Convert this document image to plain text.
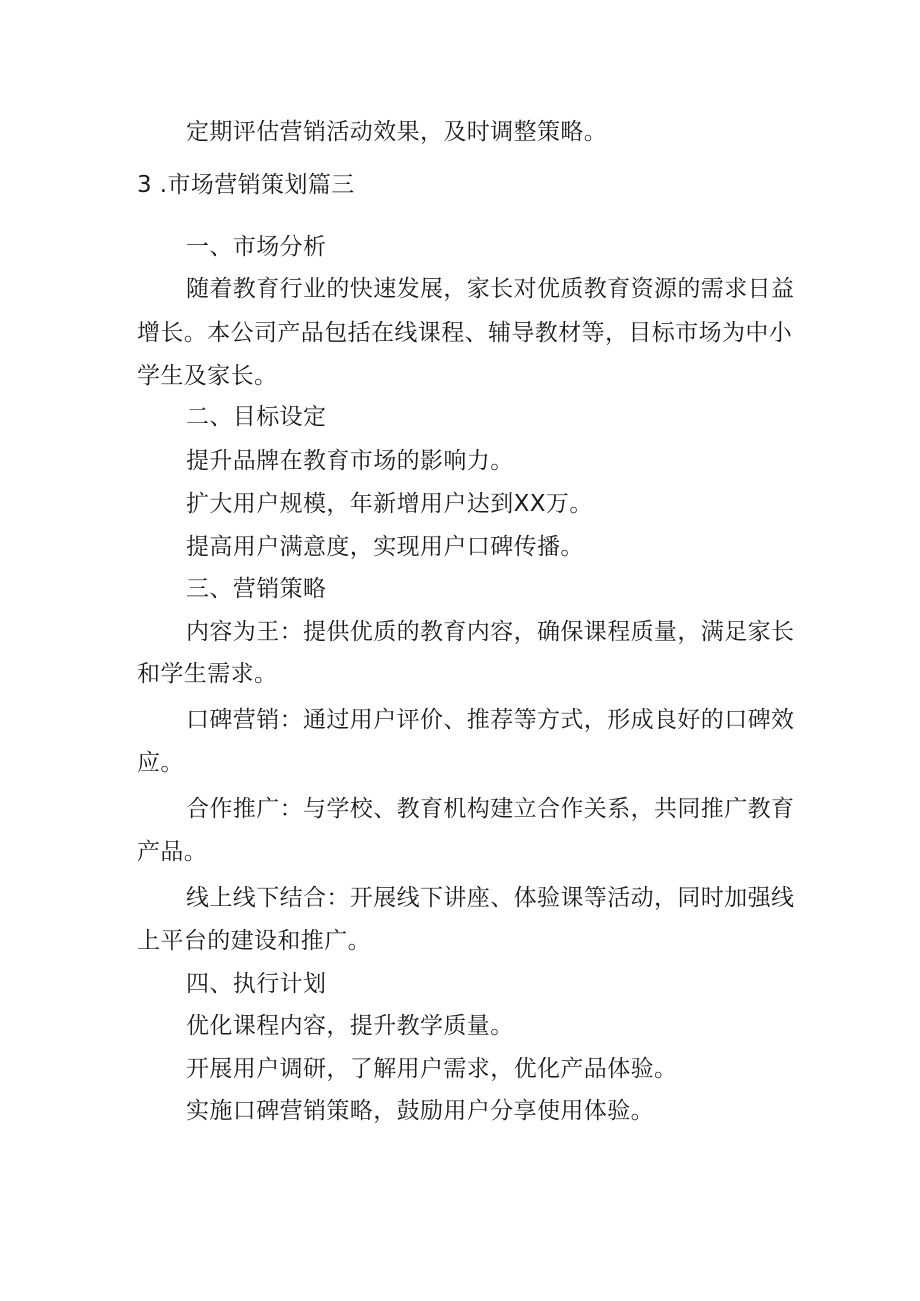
定期评估营销活动效果，及时调整策略。
3 .市场营销策划篇三
一、市场分析
随着教育行业的快速发展，家长对优质教育资源的需求日益
增长。本公司产品包括在线课程、辅导教材等，目标市场为中小
学生及家长。
二、目标设定
提升品牌在教育市场的影响力。
扩大用户规模，年新增用户达到XX万。
提高用户满意度，实现用户口碑传播。
三、营销策略
内容为王：提供优质的教育内容，确保课程质量，满足家长
和学生需求。
口碑营销：通过用户评价、推荐等方式，形成良好的口碑效
应。
合作推广：与学校、教育机构建立合作关系，共同推广教育
产品。
线上线下结合：开展线下讲座、体验课等活动，同时加强线
上平台的建设和推广。
四、执行计划
优化课程内容，提升教学质量。
开展用户调研，了解用户需求，优化产品体验。
实施口碑营销策略，鼓励用户分享使用体验。
